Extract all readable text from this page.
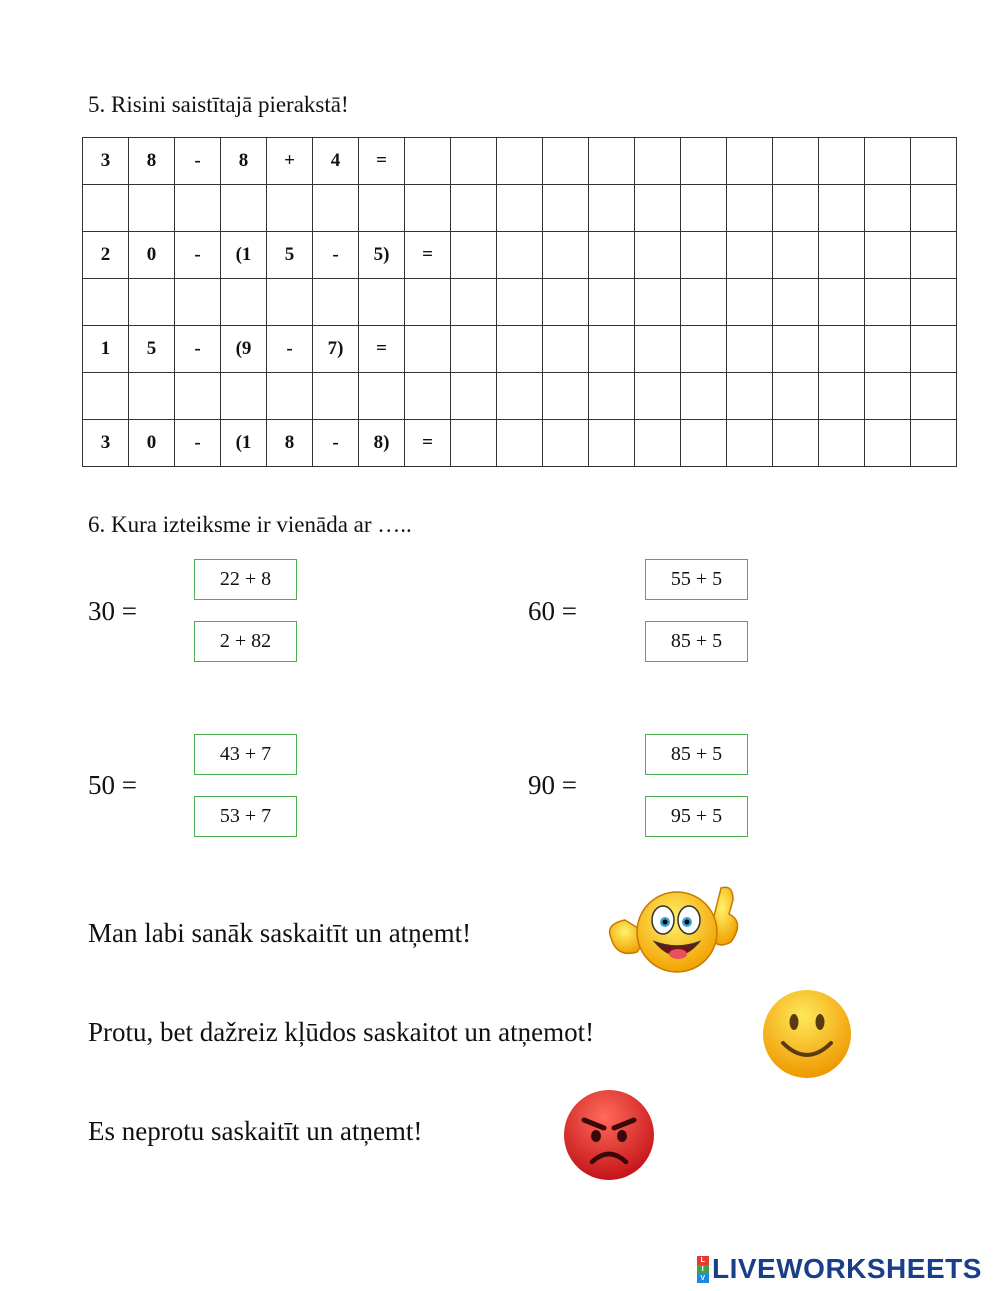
5. Risini saistītajā pierakstā!
3	8	-	8	+	4	=												

2	0	-	(1	5	-	5)	=											

1	5	-	(9	-	7)	=												

3	0	-	(1	8	-	8)	=											
6. Kura izteiksme ir vienāda ar …..
30 =
22 + 8
2 + 82
60 =
55 + 5
85 + 5
50 =
43 + 7
53 + 7
90 =
85 + 5
95 + 5
Man labi sanāk saskaitīt un atņemt!
Protu, bet dažreiz kļūdos saskaitot un atņemot!
Es neprotu saskaitīt un atņemt!
L
I
V LIVEWORKSHEETS
